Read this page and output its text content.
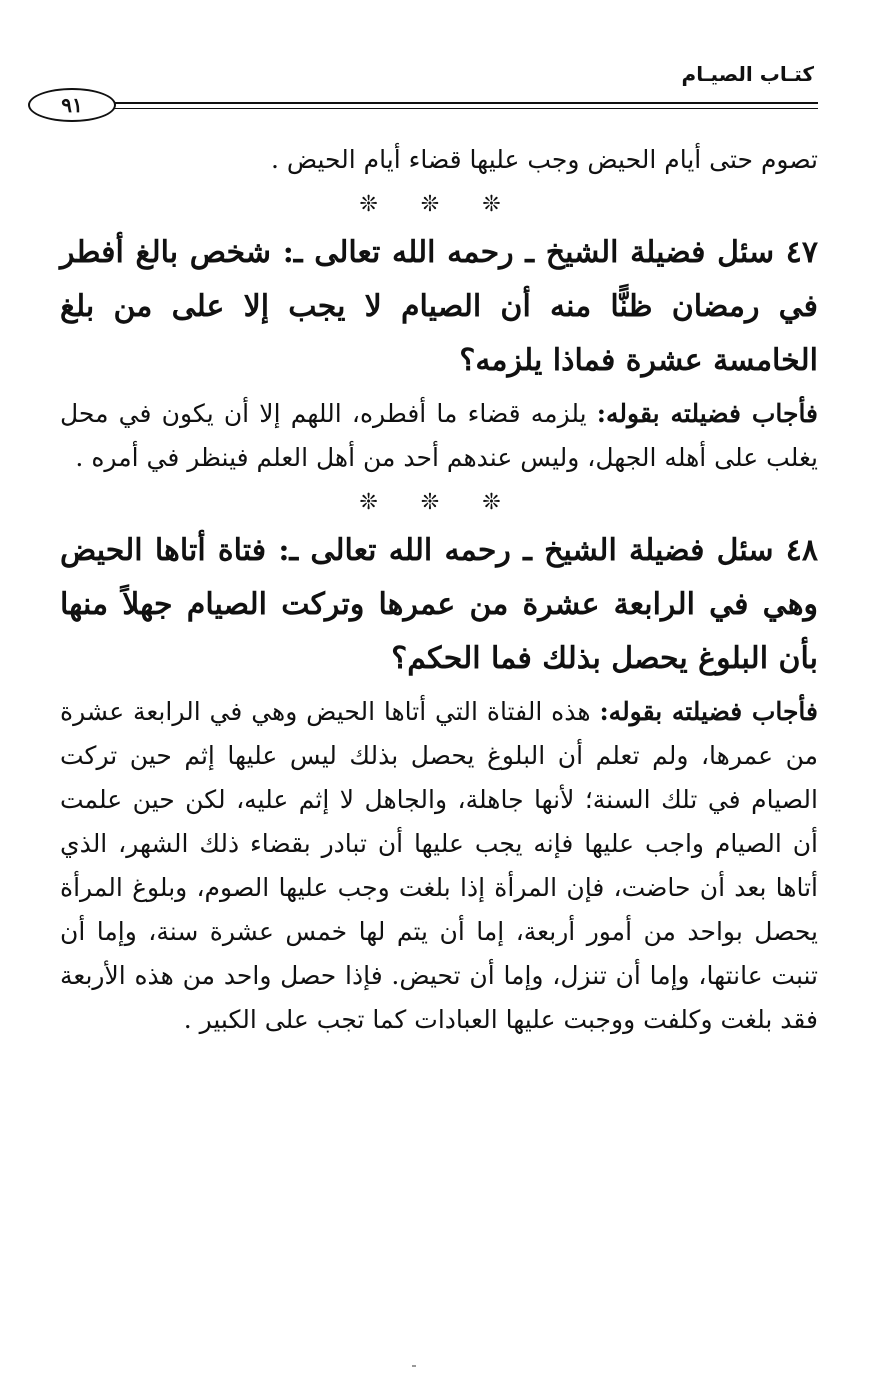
كتـاب الصيـام
٩١

تصوم حتى أيام الحيض وجب عليها قضاء أيام الحيض .

❊ ❊ ❊

٤٧ سئل فضيلة الشيخ ـ رحمه الله تعالى ـ: شخص بالغ أفطر في رمضان ظنًّا منه أن الصيام لا يجب إلا على من بلغ الخامسة عشرة فماذا يلزمه؟

فأجاب فضيلته بقوله: يلزمه قضاء ما أفطره، اللهم إلا أن يكون في محل يغلب على أهله الجهل، وليس عندهم أحد من أهل العلم فينظر في أمره .

❊ ❊ ❊

٤٨ سئل فضيلة الشيخ ـ رحمه الله تعالى ـ: فتاة أتاها الحيض وهي في الرابعة عشرة من عمرها وتركت الصيام جهلاً منها بأن البلوغ يحصل بذلك فما الحكم؟

فأجاب فضيلته بقوله: هذه الفتاة التي أتاها الحيض وهي في الرابعة عشرة من عمرها، ولم تعلم أن البلوغ يحصل بذلك ليس عليها إثم حين تركت الصيام في تلك السنة؛ لأنها جاهلة، والجاهل لا إثم عليه، لكن حين علمت أن الصيام واجب عليها فإنه يجب عليها أن تبادر بقضاء ذلك الشهر، الذي أتاها بعد أن حاضت، فإن المرأة إذا بلغت وجب عليها الصوم، وبلوغ المرأة يحصل بواحد من أمور أربعة، إما أن يتم لها خمس عشرة سنة، وإما أن تنبت عانتها، وإما أن تنزل، وإما أن تحيض. فإذا حصل واحد من هذه الأربعة فقد بلغت وكلفت ووجبت عليها العبادات كما تجب على الكبير .
